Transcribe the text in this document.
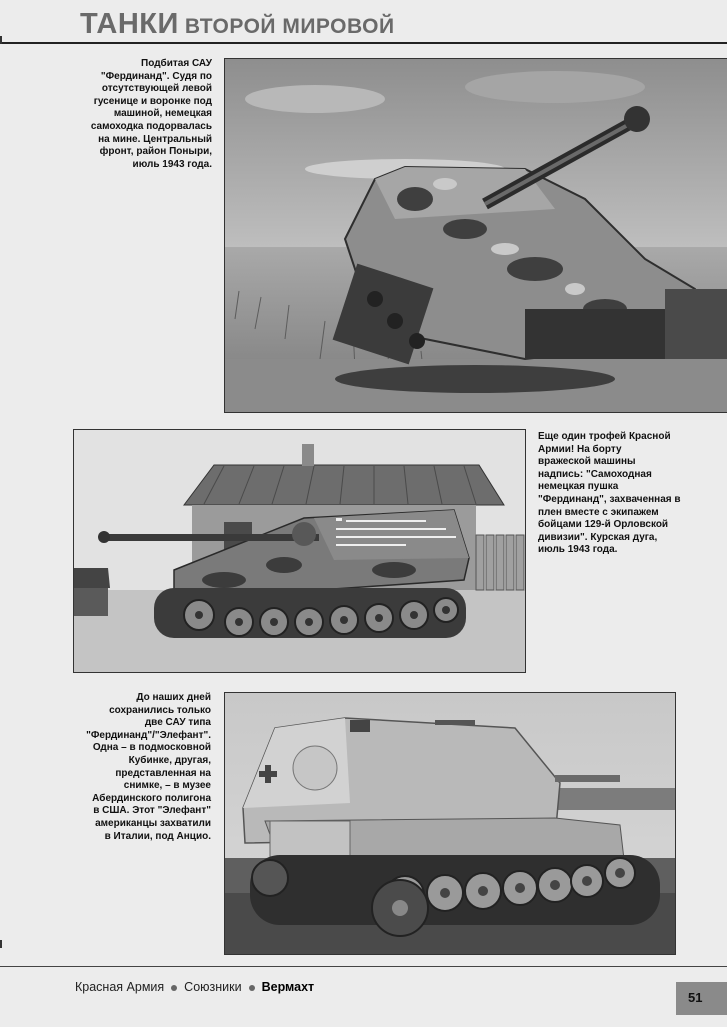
ТАНКИ ВТОРОЙ МИРОВОЙ
Подбитая САУ
"Фердинанд". Судя по
отсутствующей левой
гусенице и воронке под
машиной, немецкая
самоходка подорвалась
на мине. Центральный
фронт, район Поныри,
июль 1943 года.
Еще один трофей Красной
Армии! На борту
вражеской машины
надпись: "Самоходная
немецкая пушка
"Фердинанд", захваченная в
плен вместе с экипажем
бойцами 129-й Орловской
дивизии". Курская дуга,
июль 1943 года.
До наших дней
сохранились только
две САУ типа
"Фердинанд"/"Элефант".
Одна – в подмосковной
Кубинке, другая,
представленная на
снимке, – в музее
Абердинского полигона
в США. Этот "Элефант"
американцы захватили
в Италии, под Анцио.
Красная Армия Союзники Вермахт
51
